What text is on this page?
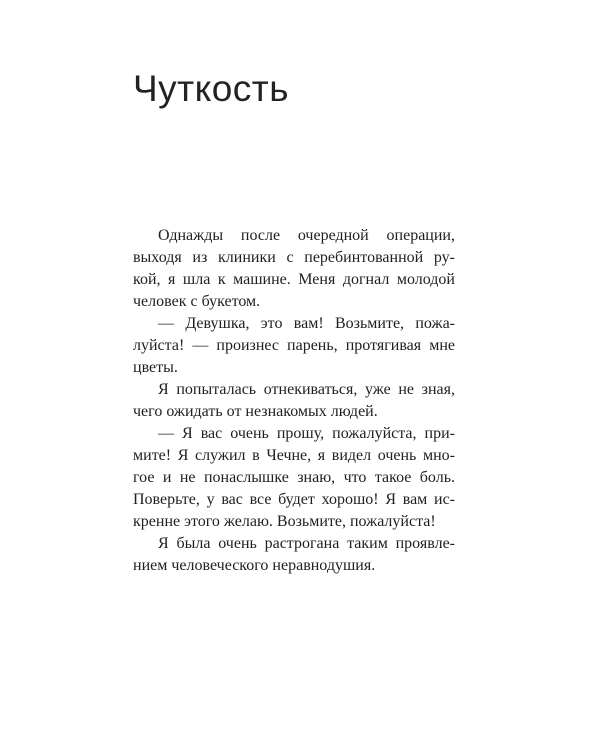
Чуткость
Однажды после очередной операции,
выходя из клиники с перебинтованной ру-
кой, я шла к машине. Меня догнал молодой
человек с букетом.
— Девушка, это вам! Возьмите, пожа-
луйста! — произнес парень, протягивая мне
цветы.
Я попыталась отнекиваться, уже не зная,
чего ожидать от незнакомых людей.
— Я вас очень прошу, пожалуйста, при-
мите! Я служил в Чечне, я видел очень мно-
гое и не понаслышке знаю, что такое боль.
Поверьте, у вас все будет хорошо! Я вам ис-
кренне этого желаю. Возьмите, пожалуйста!
Я была очень растрогана таким проявле-
нием человеческого неравнодушия.
